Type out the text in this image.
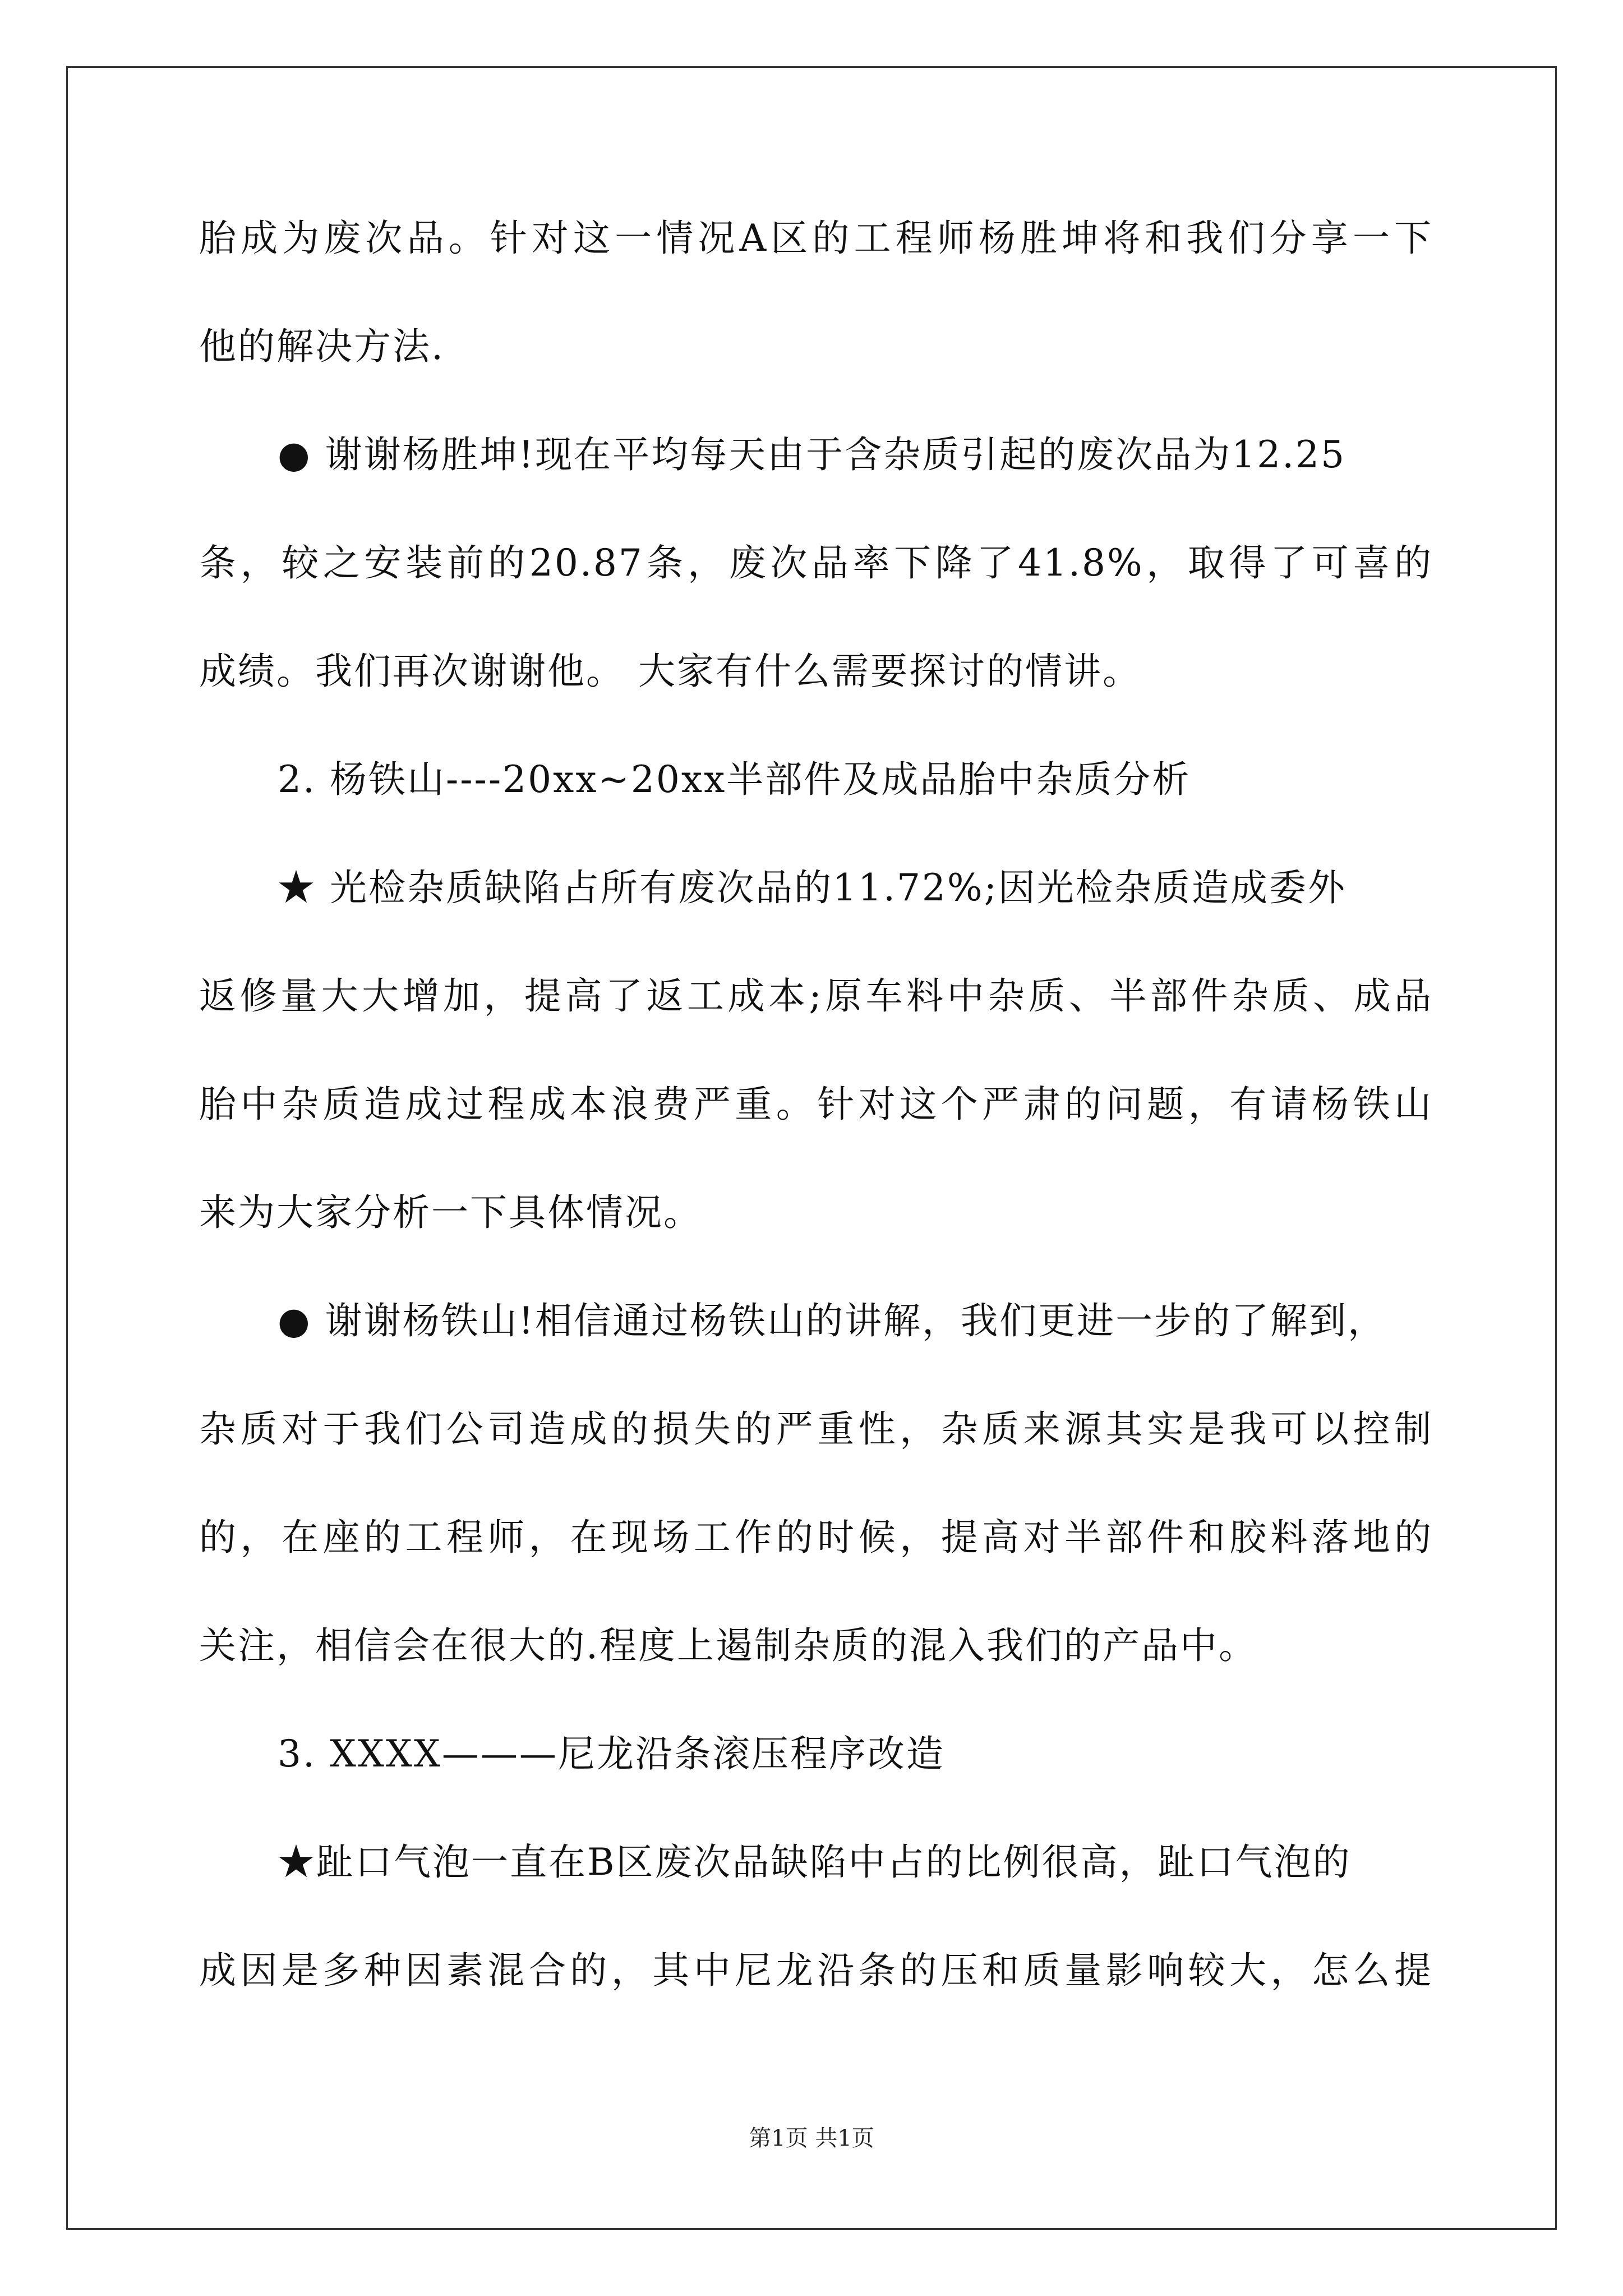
胎成为废次品。针对这一情况A区的工程师杨胜坤将和我们分享一下
他的解决方法.
● 谢谢杨胜坤!现在平均每天由于含杂质引起的废次品为12.25
条，较之安装前的20.87条，废次品率下降了41.8%，取得了可喜的
成绩。我们再次谢谢他。 大家有什么需要探讨的情讲。
2. 杨铁山----20xx~20xx半部件及成品胎中杂质分析
★ 光检杂质缺陷占所有废次品的11.72%;因光检杂质造成委外
返修量大大增加，提高了返工成本;原车料中杂质、半部件杂质、成品
胎中杂质造成过程成本浪费严重。针对这个严肃的问题，有请杨铁山
来为大家分析一下具体情况。
● 谢谢杨铁山!相信通过杨铁山的讲解，我们更进一步的了解到，
杂质对于我们公司造成的损失的严重性，杂质来源其实是我可以控制
的，在座的工程师，在现场工作的时候，提高对半部件和胶料落地的
关注，相信会在很大的.程度上遏制杂质的混入我们的产品中。
3. XXXX———尼龙沿条滚压程序改造
★趾口气泡一直在B区废次品缺陷中占的比例很高，趾口气泡的
成因是多种因素混合的，其中尼龙沿条的压和质量影响较大，怎么提
第1页 共1页
